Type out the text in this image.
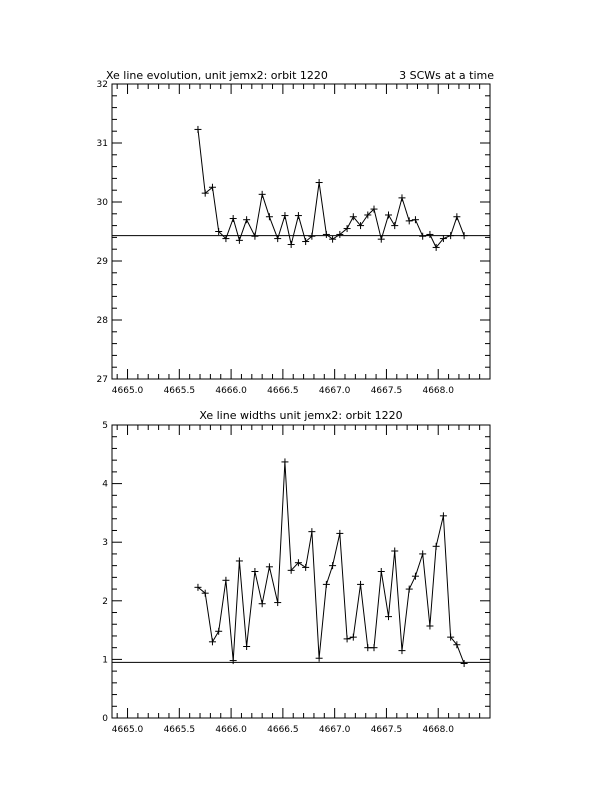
Xe line evolution, unit jemx2: orbit 1220	3 SCWs at a time
4665.0 4665.5 4666.0 4666.5 4667.0 4667.5 4668.0
27
28
29
30
31
32
Xe line widths unit jemx2: orbit 1220
4665.0 4665.5 4666.0 4666.5 4667.0 4667.5 4668.0
0
1
2
3
4
5
